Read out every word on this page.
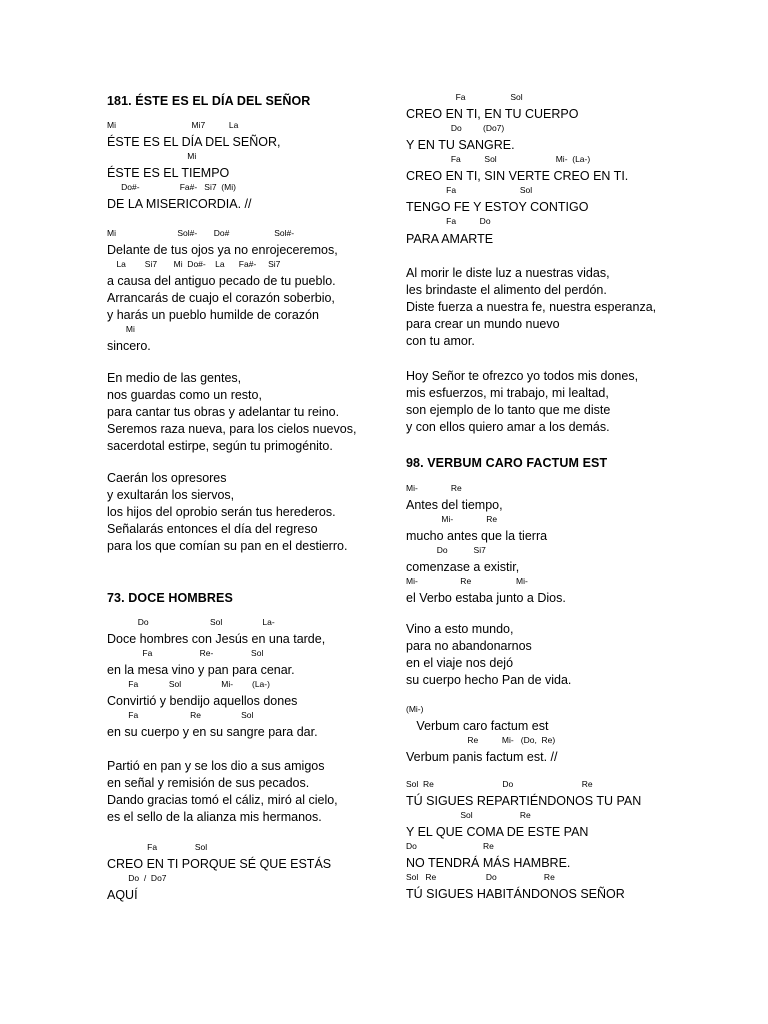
181. ÉSTE ES EL DÍA DEL SEÑOR
Mi                                Mi7          La
ÉSTE ES EL DÍA DEL SEÑOR,
Mi
ÉSTE ES EL TIEMPO
Do#-                 Fa#-   Si7  (Mi)
DE LA MISERICORDIA. //
Mi                          Sol#-       Do#                   Sol#-
Delante de tus ojos ya no enrojeceremos,
La        Si7       Mi  Do#-    La      Fa#-     Si7
a causa del antiguo pecado de tu pueblo.
Arrancarás de cuajo el corazón soberbio,
y harás un pueblo humilde de corazón
Mi
sincero.
En medio de las gentes,
nos guardas como un resto,
para cantar tus obras y adelantar tu reino.
Seremos raza nueva, para los cielos nuevos,
sacerdotal estirpe, según tu primogénito.
Caerán los opresores
y exultarán los siervos,
los hijos del oprobio serán tus herederos.
Señalarás entonces el día del regreso
para los que comían su pan en el destierro.
73. DOCE HOMBRES
Do                          Sol                 La-
Doce hombres con Jesús en una tarde,
Fa                    Re-                Sol
en la mesa vino y pan para cenar.
Fa             Sol                 Mi-        (La-)
Convirtió y bendijo aquellos dones
Fa                      Re                 Sol
en su cuerpo y en su sangre para dar.
Partió en pan y se los dio a sus amigos
en señal y remisión de sus pecados.
Dando gracias tomó el cáliz, miró al cielo,
es el sello de la alianza mis hermanos.
Fa                Sol
CREO EN TI PORQUE SÉ QUE ESTÁS
Do  /  Do7
AQUÍ
Fa                   Sol
CREO EN TI, EN TU CUERPO
Do         (Do7)
Y EN TU SANGRE.
Fa          Sol                         Mi-  (La-)
CREO EN TI, SIN VERTE CREO EN TI.
Fa                           Sol
TENGO FE Y ESTOY CONTIGO
Fa          Do
PARA AMARTE
Al morir le diste luz a nuestras vidas,
les brindaste el alimento del perdón.
Diste fuerza a nuestra fe, nuestra esperanza,
para crear un mundo nuevo
con tu amor.
Hoy Señor te ofrezco yo todos mis dones,
mis esfuerzos, mi trabajo, mi lealtad,
son ejemplo de lo tanto que me diste
y con ellos quiero amar a los demás.
98. VERBUM CARO FACTUM EST
Mi-              Re
Antes del tiempo,
Mi-              Re
mucho antes que la tierra
Do           Si7
comenzase a existir,
Mi-                  Re                   Mi-
el Verbo estaba junto a Dios.
Vino a esto mundo,
para no abandonarnos
en el viaje nos dejó
su cuerpo hecho Pan de vida.
(Mi-)
Verbum caro factum est
Re          Mi-   (Do,  Re)
Verbum panis factum est. //
Sol  Re                             Do                             Re
TÚ SIGUES REPARTIÉNDONOS TU PAN
Sol                    Re
Y EL QUE COMA DE ESTE PAN
Do                            Re
NO TENDRÁ MÁS HAMBRE.
Sol   Re                     Do                    Re
TÚ SIGUES HABITÁNDONOS SEÑOR
